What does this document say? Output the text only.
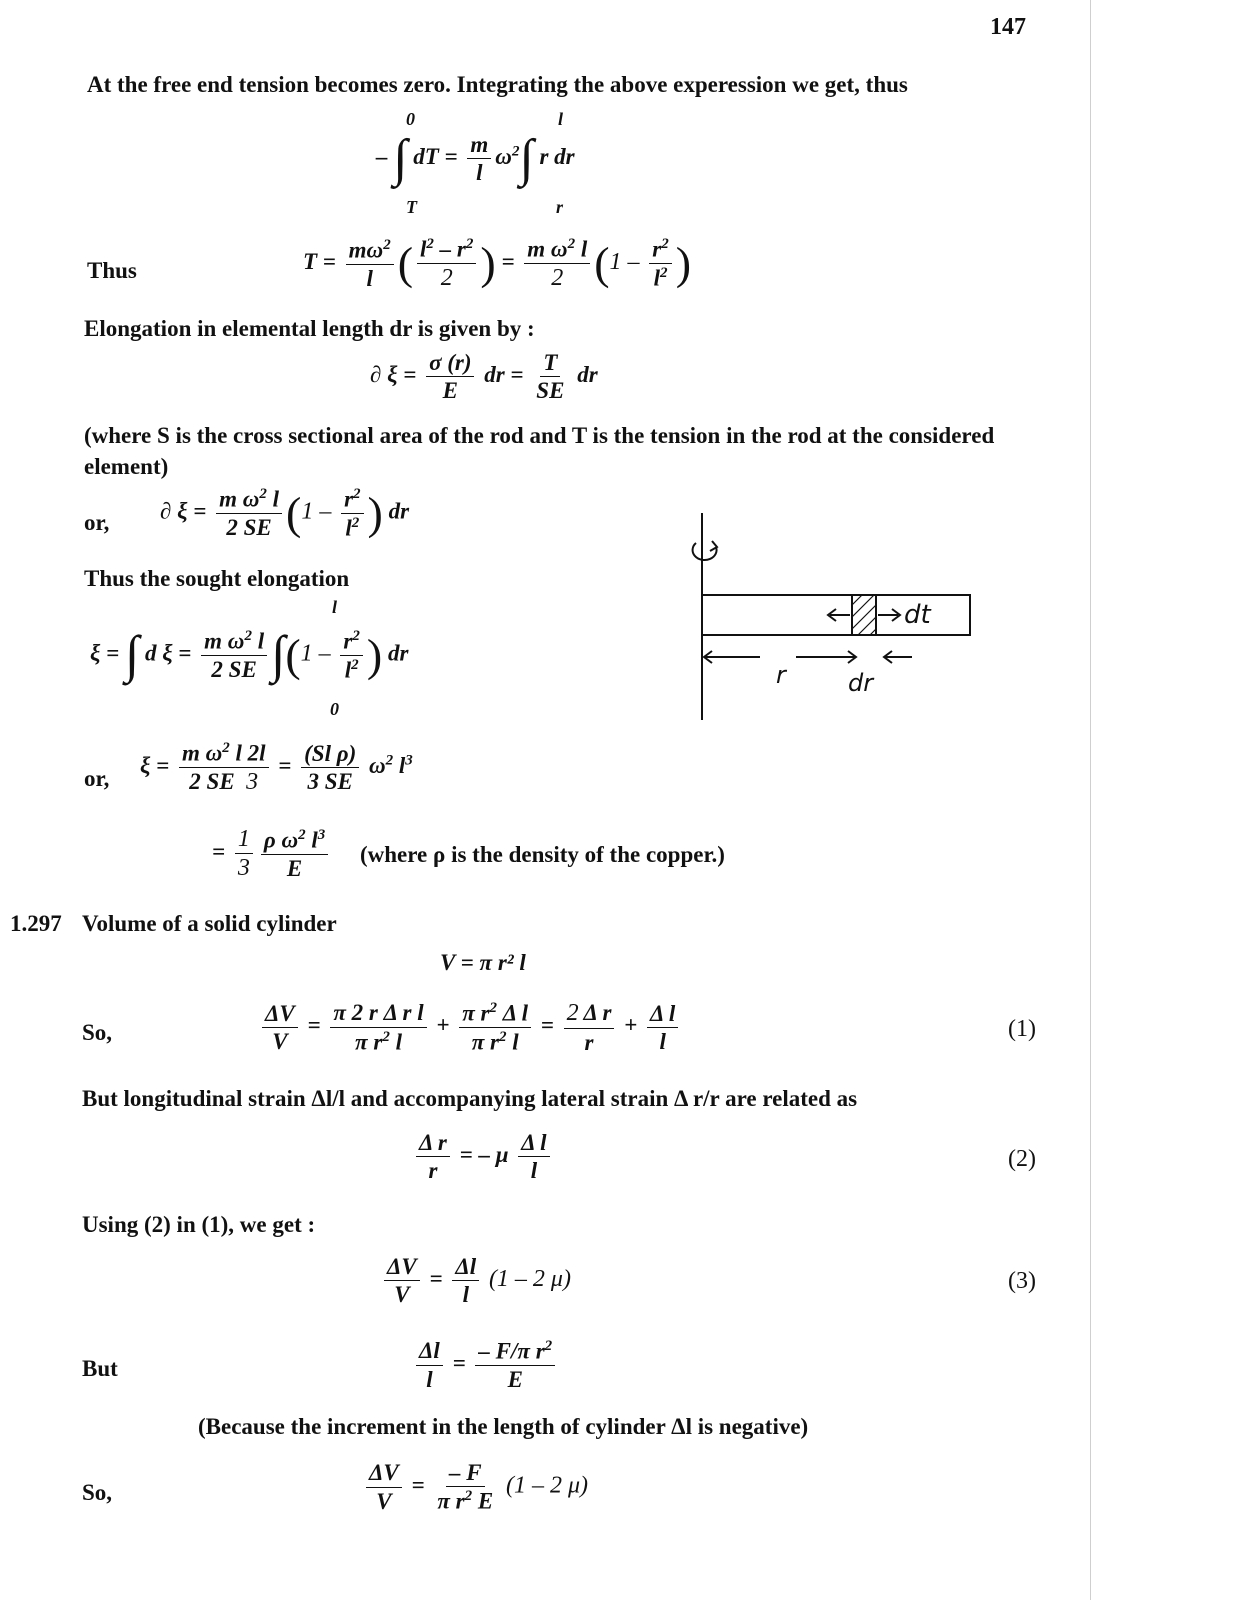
147
At the free end tension becomes zero. Integrating the above experession we get, thus
0	l
– ∫ dT = $\frac{m}{l} \omega^2\int$ r dr
T	r
Thus	$T = \frac{m\omega^2}{l}$ ( $\frac{l^2 - r^2}{2}$ ) = $\frac{m \omega^2 l}{2} (1 - \frac{r^2}{l^2}$ )
Elongation in elemental length dr is given by :
∂ $\xi = \frac{\sigma (r)}{E}$ dr = $\frac{T}{SE}$ dr
(where S is the cross sectional area of the rod and T is the tension in the rod at the considered element)
or, ∂ $\xi = \frac{m \omega^2 l}{2 SE} (1 - \frac{r^2}{l^2}$ ) dr
Thus the sought elongation
l
ξ = ∫ d $\xi = \frac{m \omega^2 l}{2 SE} \int(1 - \frac{r^2}{l^2}$ ) dr
0
or,
$\xi = \frac{m \omega^2 l 2l}{2 SE 3} = \frac{\text{(Sl ρ)}}{3 SE} \omega^2$ $l^3$
= $\frac{1}{3} \frac{\rho \omega^2 l^3}{E}$ (where ρ is the density of the copper.)
1.297 Volume of a solid cylinder
V = π r² l
So,	$\frac{\Delta V}{V} = \frac{\text{π 2 r Δ r l}}{\pi r^2 l} + \frac{\pi r^2 \Delta l}{\pi r^2 l} = \frac{\text{2 Δ r}}{r} + \frac{\text{Δ l}}{l}$	(1)
But longitudinal strain Δl/l and accompanying lateral strain Δ r/r are related as
$\frac{\text{Δ r}}{r}$ = – μ $\frac{\text{Δ l}}{l}$	(2)
Using (2) in (1), we get :
$\frac{\Delta V}{V} = \frac{\Delta l}{l} (1 - 2$ μ)	(3)
But	$\frac{\Delta l}{l} = \frac{- F/\pi r^2}{E}$
(Because the increment in the length of cylinder Δl is negative)
So,	$\frac{\Delta V}{V} = \frac{- F}{\pi r^2 E} (1 - 2$ μ)
dt
r	dr
